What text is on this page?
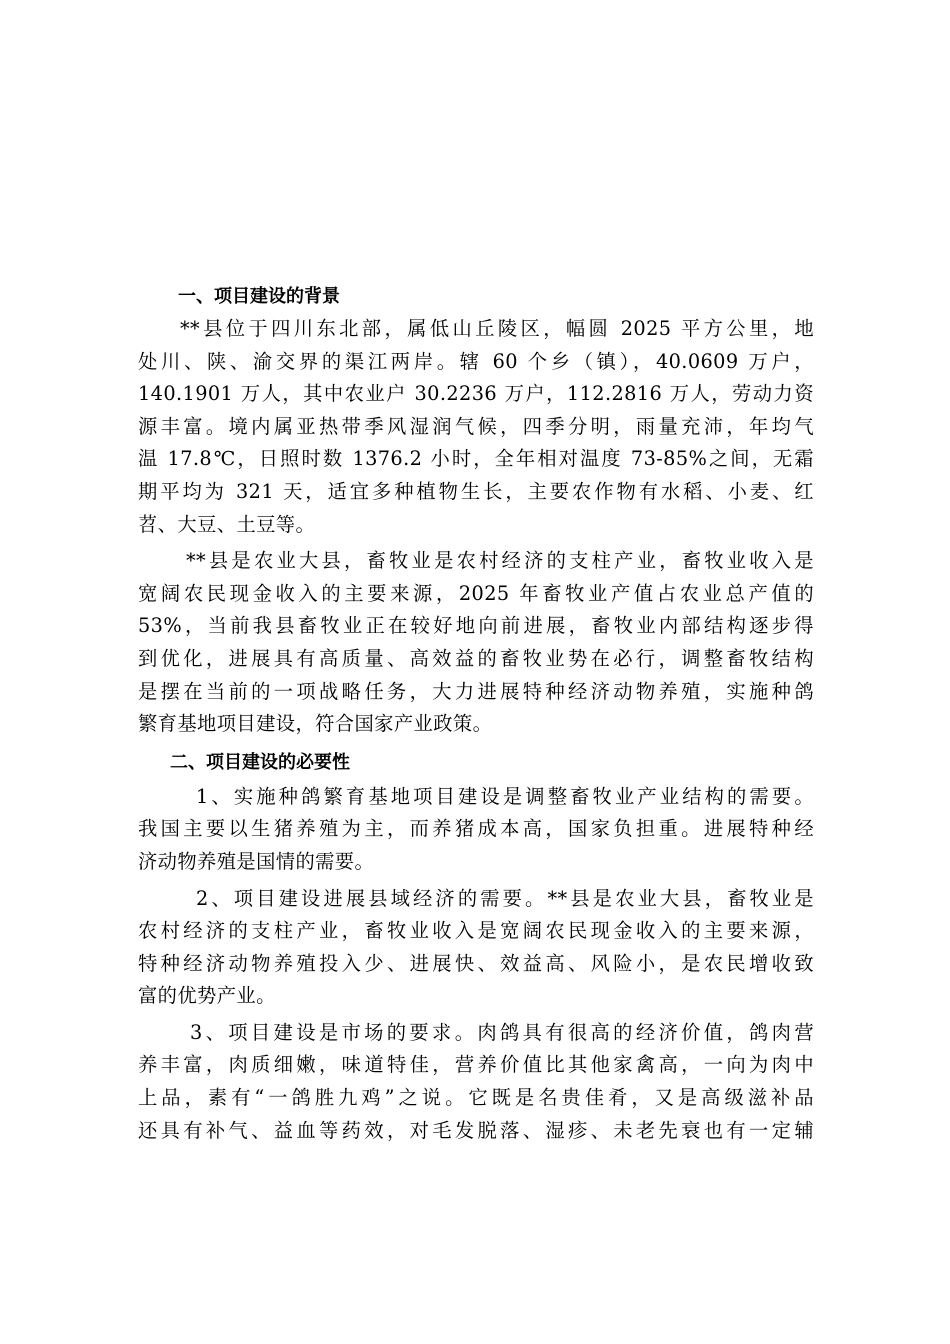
一、项目建设的背景
**县位于四川东北部，属低山丘陵区，幅圆 2025 平方公里，地
处川、陕、渝交界的渠江两岸。辖 60 个乡（镇），40.0609 万户，
140.1901 万人，其中农业户 30.2236 万户，112.2816 万人，劳动力资
源丰富。境内属亚热带季风湿润气候，四季分明，雨量充沛，年均气
温 17.8℃，日照时数 1376.2 小时，全年相对温度 73-85%之间，无霜
期平均为 321 天，适宜多种植物生长，主要农作物有水稻、小麦、红
苕、大豆、土豆等。
**县是农业大县，畜牧业是农村经济的支柱产业，畜牧业收入是
宽阔农民现金收入的主要来源，2025 年畜牧业产值占农业总产值的
53%，当前我县畜牧业正在较好地向前进展，畜牧业内部结构逐步得
到优化，进展具有高质量、高效益的畜牧业势在必行，调整畜牧结构
是摆在当前的一项战略任务，大力进展特种经济动物养殖，实施种鸽
繁育基地项目建设，符合国家产业政策。
二、项目建设的必要性
1、实施种鸽繁育基地项目建设是调整畜牧业产业结构的需要。
我国主要以生猪养殖为主，而养猪成本高，国家负担重。进展特种经
济动物养殖是国情的需要。
2、项目建设进展县域经济的需要。**县是农业大县，畜牧业是
农村经济的支柱产业，畜牧业收入是宽阔农民现金收入的主要来源，
特种经济动物养殖投入少、进展快、效益高、风险小，是农民增收致
富的优势产业。
3、项目建设是市场的要求。肉鸽具有很高的经济价值，鸽肉营
养丰富，肉质细嫩，味道特佳，营养价值比其他家禽高，一向为肉中
上品，素有“一鸽胜九鸡”之说。它既是名贵佳肴，又是高级滋补品
还具有补气、益血等药效，对毛发脱落、湿疹、未老先衰也有一定辅
